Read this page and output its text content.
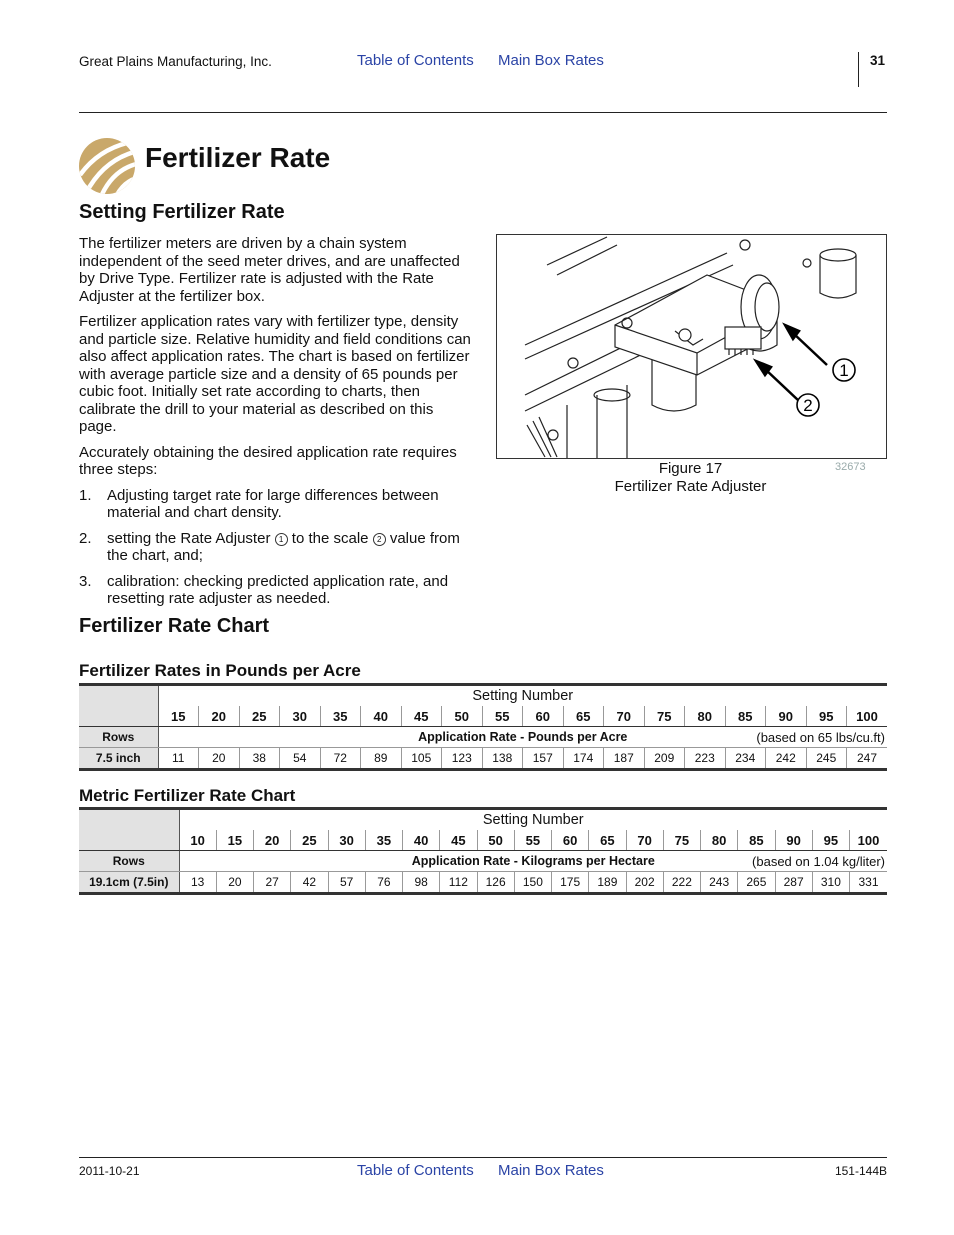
Great Plains Manufacturing, Inc.	Table of Contents Main Box Rates	31
Fertilizer Rate
Setting Fertilizer Rate

The fertilizer meters are driven by a chain system independent of the seed meter drives, and are unaffected by Drive Type. Fertilizer rate is adjusted with the Rate Adjuster at the fertilizer box.

Fertilizer application rates vary with fertilizer type, density and particle size. Relative humidity and field conditions can also affect application rates. The chart is based on fertilizer with average particle size and a density of 65 pounds per cubic foot. Initially set rate according to charts, then calibrate the drill to your material as described on this page.

Accurately obtaining the desired application rate requires three steps:

1.	Adjusting target rate for large differences between material and chart density.
2.	setting the Rate Adjuster 1 to the scale 2 value from the chart, and;
3.	calibration: checking predicted application rate, and resetting rate adjuster as needed.
1
2
Figure 17
Fertilizer Rate Adjuster
32673
Fertilizer Rate Chart
Fertilizer Rates in Pounds per Acre
	Setting Number																	
	15	20	25	30	35	40	45	50	55	60	65	70	75	80	85	90	95	100
Rows	Application Rate - Pounds per Acre (based on 65 lbs/cu.ft)																	

7.5 inch	11	20	38	54	72	89	105	123	138	157	174	187	209	223	234	242	245	247
Metric Fertilizer Rate Chart
	Setting Number																		
	10	15	20	25	30	35	40	45	50	55	60	65	70	75	80	85	90	95	100
Rows	Application Rate - Kilograms per Hectare (based on 1.04 kg/liter)																		

19.1cm (7.5in)	13	20	27	42	57	76	98	112	126	150	175	189	202	222	243	265	287	310	331
2011-10-21	Table of Contents Main Box Rates	151-144B
